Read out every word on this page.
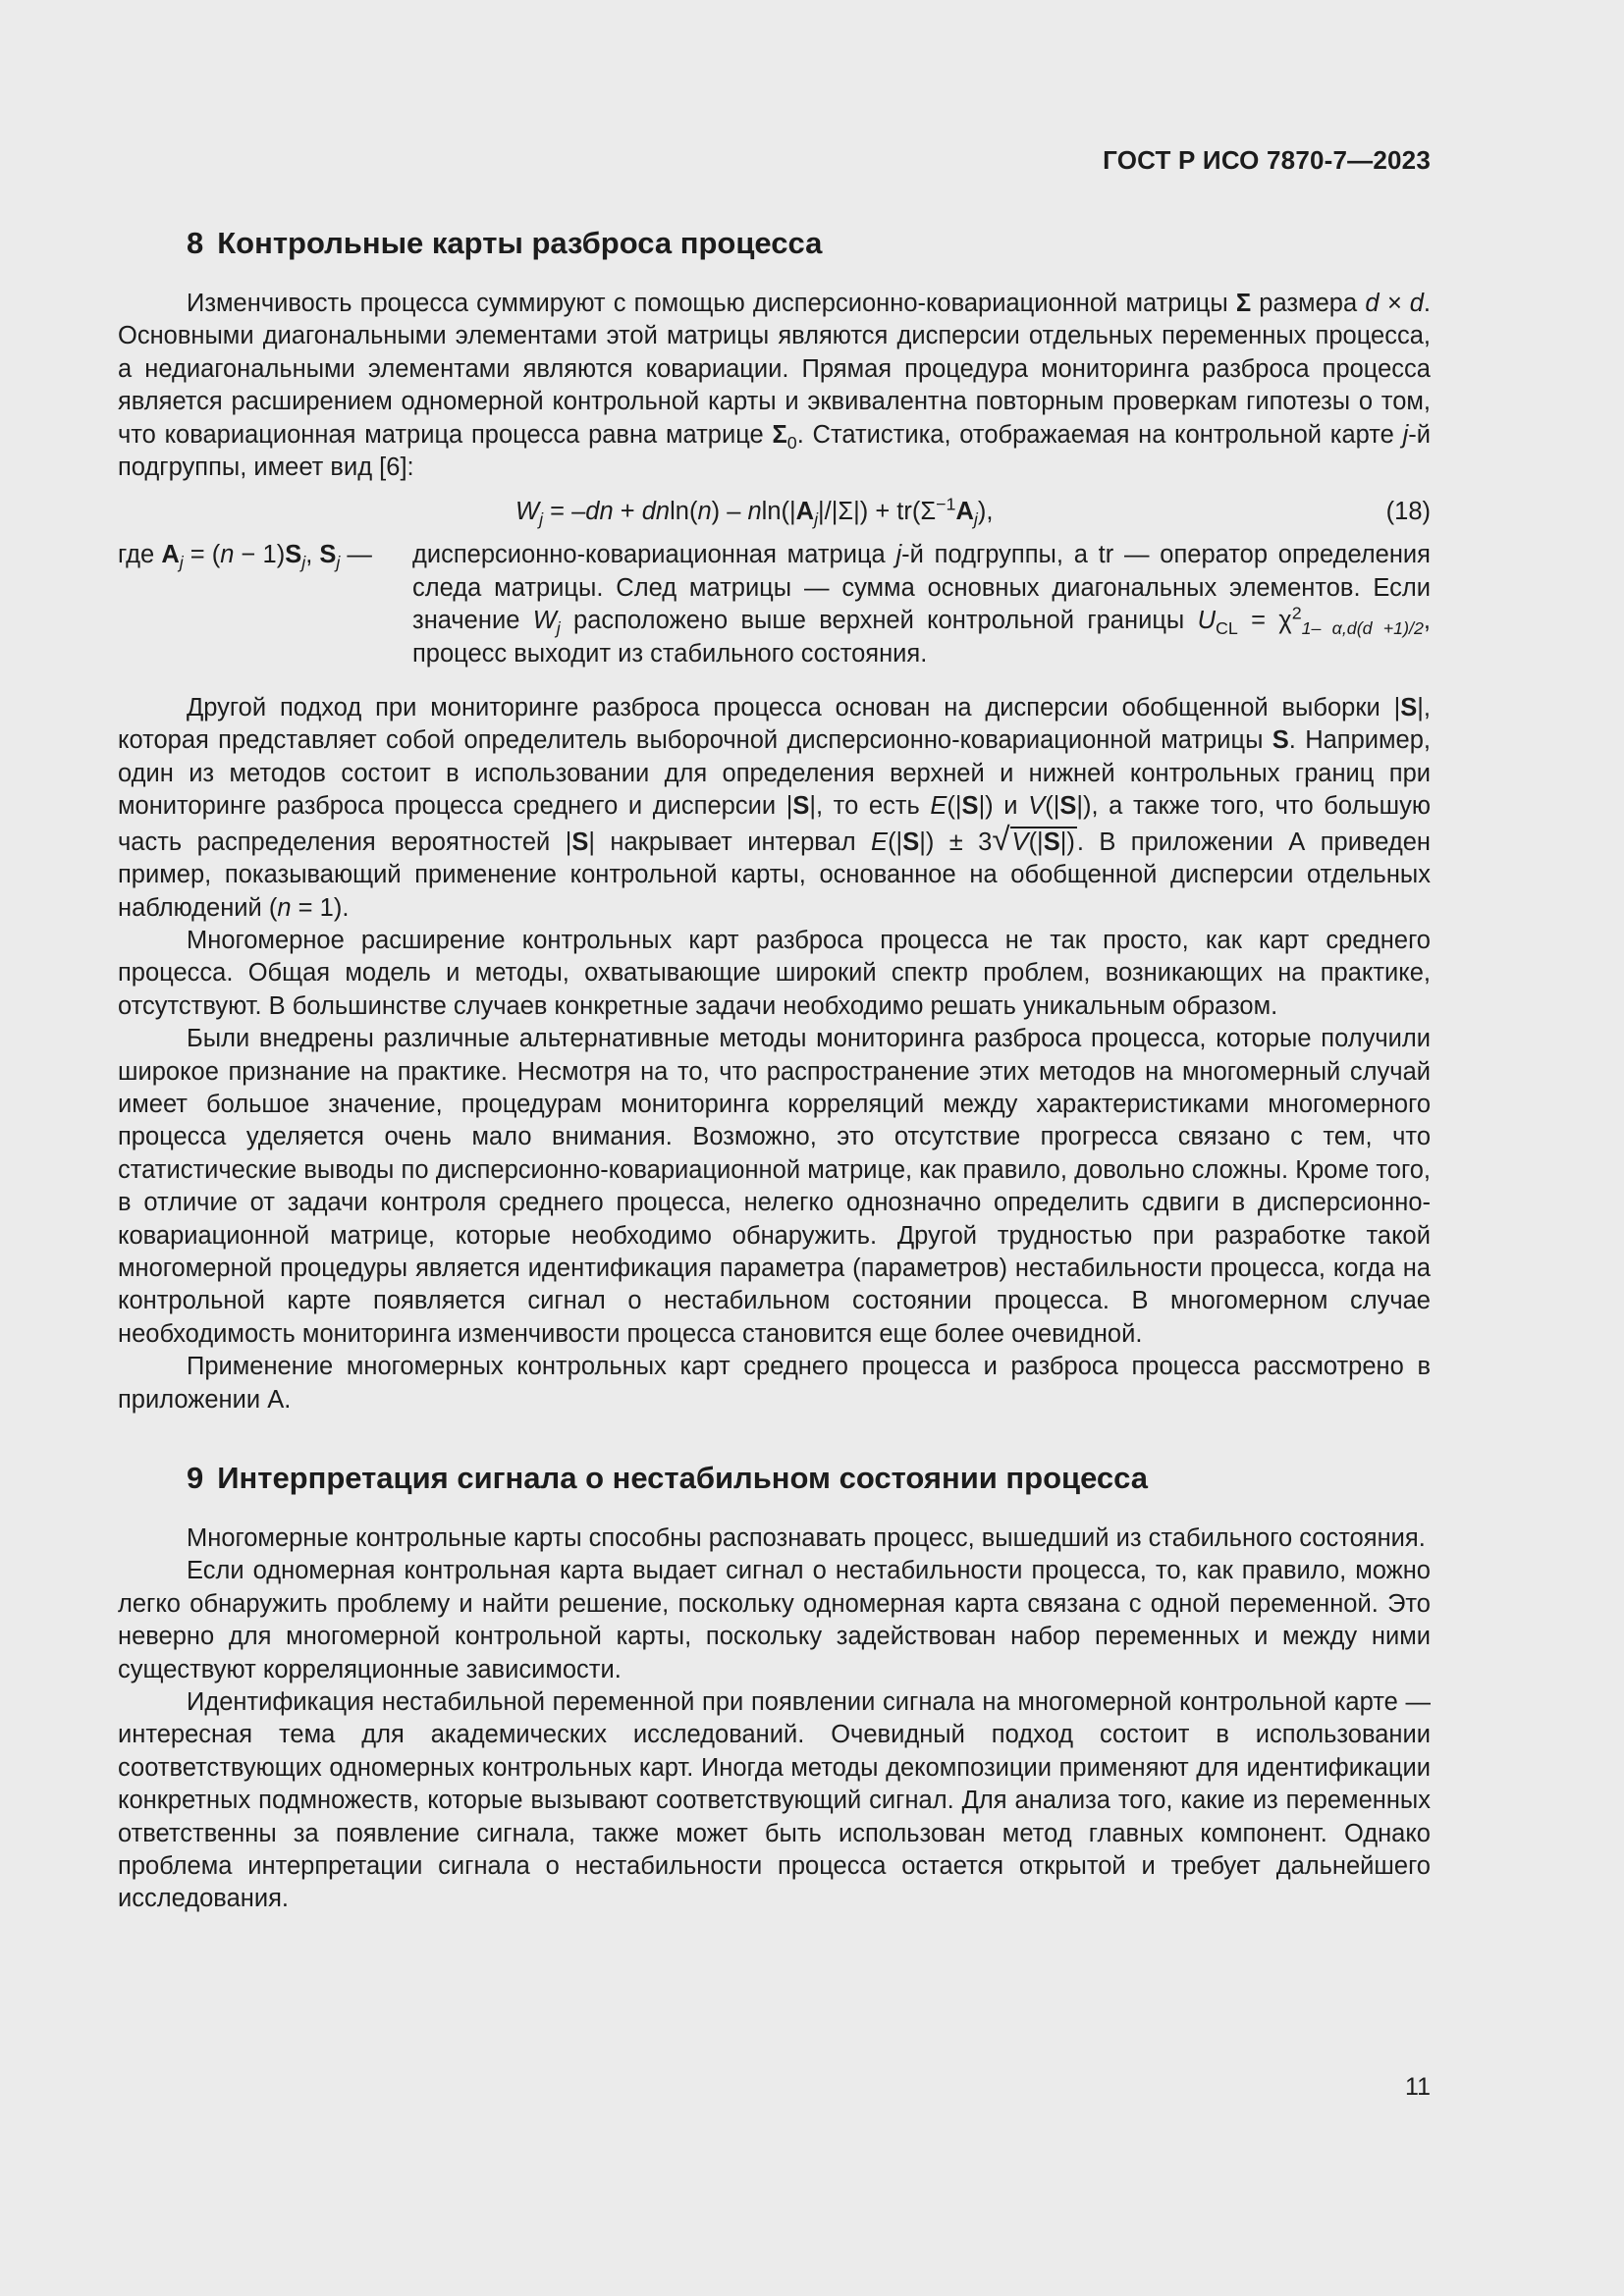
ГОСТ Р ИСО 7870-7—2023
8 Контрольные карты разброса процесса

Изменчивость процесса суммируют с помощью дисперсионно-ковариационной матрицы Σ размера d × d. Основными диагональными элементами этой матрицы являются дисперсии отдельных переменных процесса, а недиагональными элементами являются ковариации. Прямая процедура мониторинга разброса процесса является расширением одномерной контрольной карты и эквивалентна повторным проверкам гипотезы о том, что ковариационная матрица процесса равна матрице $\Sigma_0$. Статистика, отображаемая на контрольной карте j-й подгруппы, имеет вид [6]:

$W_j = -dn + dnln(n) - nln(|A_j|/|\Sigma|) + tr(\Sigma^{-1}A_j)$,	(18)
где $A_j = (n - 1)S_j$, $S_j$ —	дисперсионно-ковариационная матрица j-й подгруппы, а tr — оператор определения следа матрицы. След матрицы — сумма основных диагональных элементов. Если значение $W_j$ расположено выше верхней контрольной границы $U_{CL} = \chi^2_{1- \alpha,d(d +1)/2}$, процесс выходит из стабильного состояния.

Другой подход при мониторинге разброса процесса основан на дисперсии обобщенной выборки |S|, которая представляет собой определитель выборочной дисперсионно-ковариационной матрицы S. Например, один из методов состоит в использовании для определения верхней и нижней контрольных границ при мониторинге разброса процесса среднего и дисперсии |S|, то есть E(|S|) и V(|S|), а также того, что большую часть распределения вероятностей |S| накрывает интервал E(|S|) ± 3√V(|S|). В приложении А приведен пример, показывающий применение контрольной карты, основанное на обобщенной дисперсии отдельных наблюдений (n = 1).

Многомерное расширение контрольных карт разброса процесса не так просто, как карт среднего процесса. Общая модель и методы, охватывающие широкий спектр проблем, возникающих на практике, отсутствуют. В большинстве случаев конкретные задачи необходимо решать уникальным образом.

Были внедрены различные альтернативные методы мониторинга разброса процесса, которые получили широкое признание на практике. Несмотря на то, что распространение этих методов на многомерный случай имеет большое значение, процедурам мониторинга корреляций между характеристиками многомерного процесса уделяется очень мало внимания. Возможно, это отсутствие прогресса связано с тем, что статистические выводы по дисперсионно-ковариационной матрице, как правило, довольно сложны. Кроме того, в отличие от задачи контроля среднего процесса, нелегко однозначно определить сдвиги в дисперсионно-ковариационной матрице, которые необходимо обнаружить. Другой трудностью при разработке такой многомерной процедуры является идентификация параметра (параметров) нестабильности процесса, когда на контрольной карте появляется сигнал о нестабильном состоянии процесса. В многомерном случае необходимость мониторинга изменчивости процесса становится еще более очевидной.

Применение многомерных контрольных карт среднего процесса и разброса процесса рассмотрено в приложении А.

9 Интерпретация сигнала о нестабильном состоянии процесса

Многомерные контрольные карты способны распознавать процесс, вышедший из стабильного состояния.

Если одномерная контрольная карта выдает сигнал о нестабильности процесса, то, как правило, можно легко обнаружить проблему и найти решение, поскольку одномерная карта связана с одной переменной. Это неверно для многомерной контрольной карты, поскольку задействован набор переменных и между ними существуют корреляционные зависимости.

Идентификация нестабильной переменной при появлении сигнала на многомерной контрольной карте — интересная тема для академических исследований. Очевидный подход состоит в использовании соответствующих одномерных контрольных карт. Иногда методы декомпозиции применяют для идентификации конкретных подмножеств, которые вызывают соответствующий сигнал. Для анализа того, какие из переменных ответственны за появление сигнала, также может быть использован метод главных компонент. Однако проблема интерпретации сигнала о нестабильности процесса остается открытой и требует дальнейшего исследования.

11
